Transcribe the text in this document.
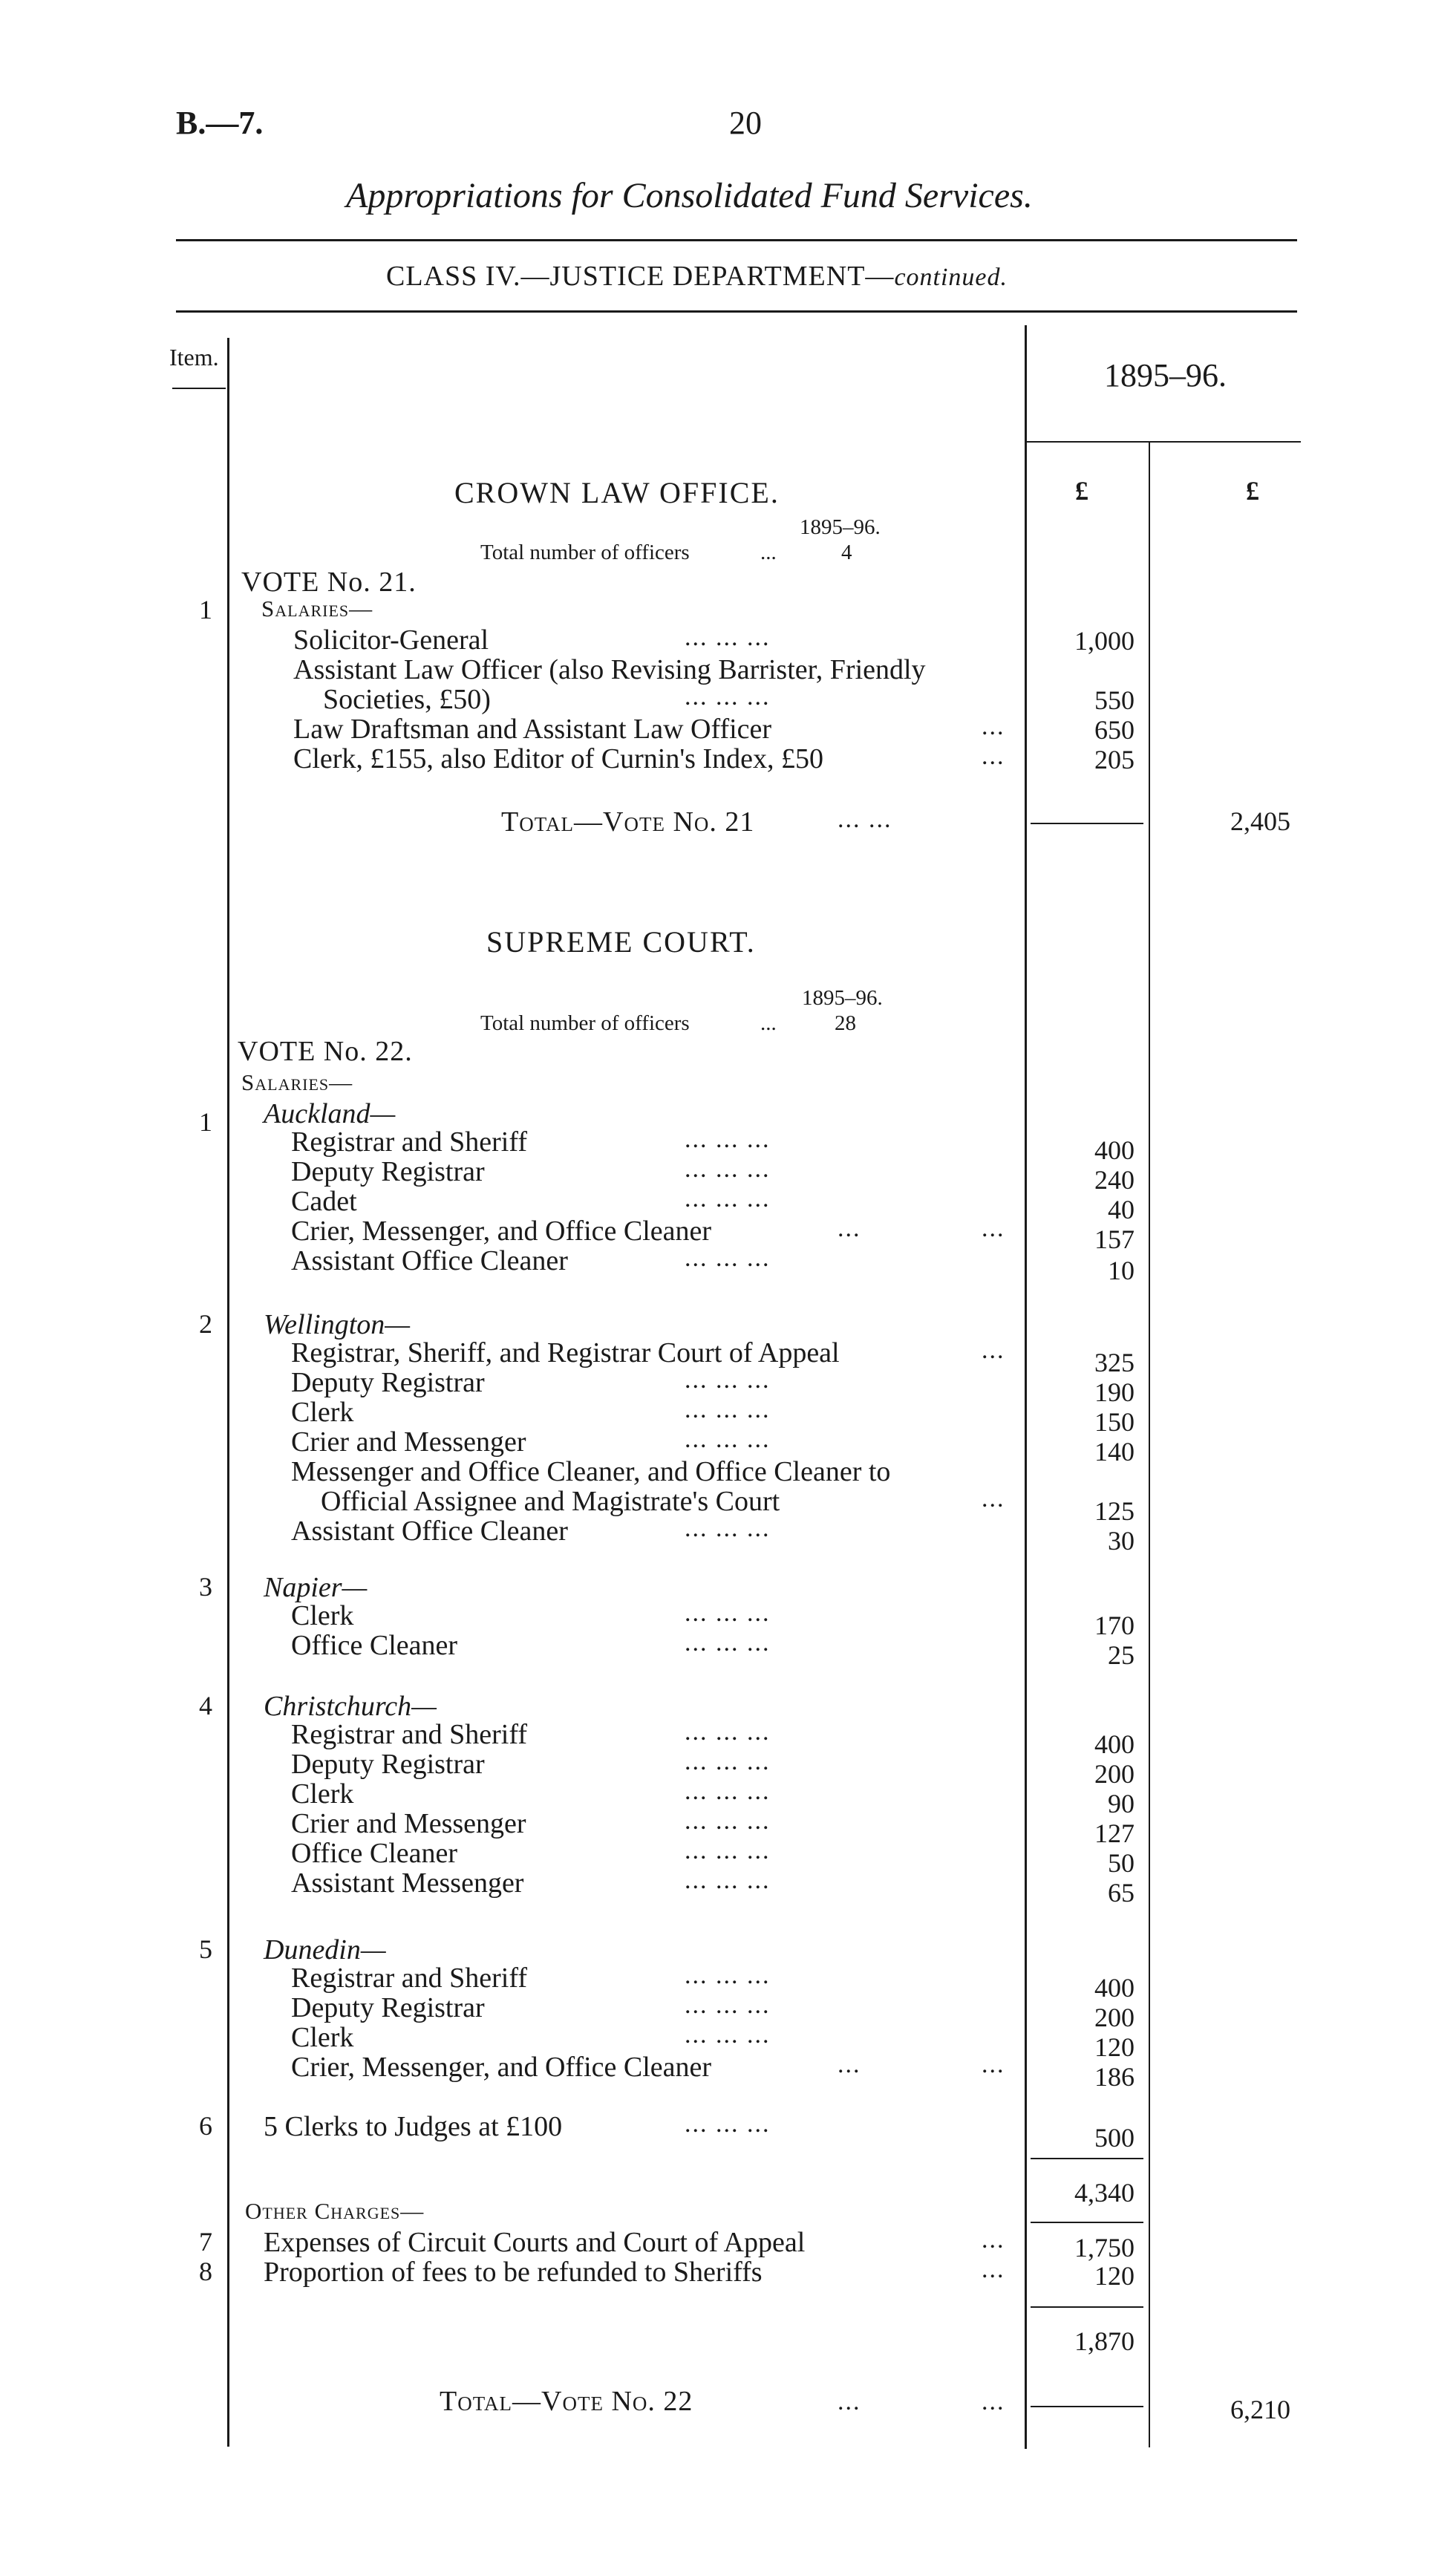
B.—7.	20
Appropriations for Consolidated Fund Services.
CLASS IV.—JUSTICE DEPARTMENT—continued.
Item.	1895–96.
£	£
CROWN LAW OFFICE.
1895–96.
Total number of officers	...	4
VOTE No. 21.
1 Salaries—
Solicitor-General	... ... ...	1,000
Assistant Law Officer (also Revising Barrister, Friendly
Societies, £50)	... ... ...	550
Law Draftsman and Assistant Law Officer	...	650
Clerk, £155, also Editor of Curnin's Index, £50	...	205
Total—Vote No. 21	... ...	2,405
SUPREME COURT.
1895–96.
Total number of officers	...	28
VOTE No. 22.
Salaries—
1 Auckland—
Registrar and Sheriff	... ... ...	400
Deputy Registrar	... ... ...	240
Cadet	... ... ...	40
Crier, Messenger, and Office Cleaner	...	...	157
Assistant Office Cleaner	... ... ...	10
2 Wellington—
Registrar, Sheriff, and Registrar Court of Appeal	...	325
Deputy Registrar	... ... ...	190
Clerk	... ... ...	150
Crier and Messenger	... ... ...	140
Messenger and Office Cleaner, and Office Cleaner to
Official Assignee and Magistrate's Court	...	125
Assistant Office Cleaner	... ... ...	30
3 Napier—
Clerk	... ... ...	170
Office Cleaner	... ... ...	25
4 Christchurch—
Registrar and Sheriff	... ... ...	400
Deputy Registrar	... ... ...	200
Clerk	... ... ...	90
Crier and Messenger	... ... ...	127
Office Cleaner	... ... ...	50
Assistant Messenger	... ... ...	65
5 Dunedin—
Registrar and Sheriff	... ... ...	400
Deputy Registrar	... ... ...	200
Clerk	... ... ...	120
Crier, Messenger, and Office Cleaner	...	...	186
6 5 Clerks to Judges at £100	... ... ...	500
4,340
Other Charges—
7 Expenses of Circuit Courts and Court of Appeal	...	1,750
8 Proportion of fees to be refunded to Sheriffs	...	120
1,870
Total—Vote No. 22	...	...	6,210
